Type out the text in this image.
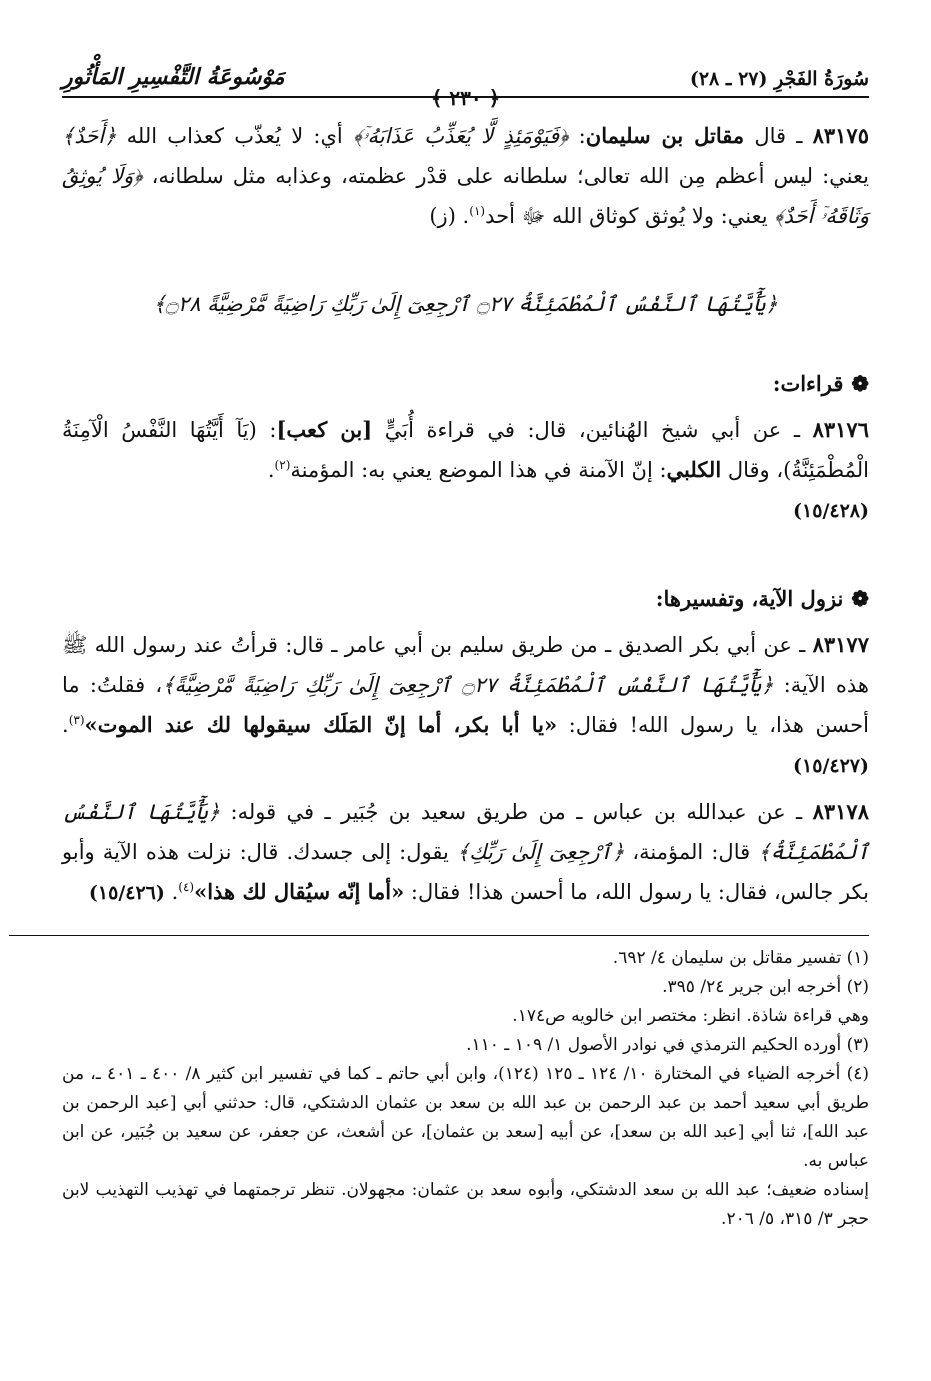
سُورَةُ الفَجْرِ (٢٧ ـ ٢٨)
مَوْسُوعَةُ التَّفْسِيرِ المَأْثُورِ
﴿ ٢٣٠ ﴾

٨٣١٧٥ ـ قال مقاتل بن سليمان: ﴿فَيَوْمَئِذٍ لَّا يُعَذِّبُ عَذَابَهُۥٓ﴾ أي: لا يُعذّب كعذاب الله ﴿أَحَدٌ﴾ يعني: ليس أعظم مِن الله تعالى؛ سلطانه على قدْر عظمته، وعذابه مثل سلطانه، ﴿وَلَا يُوثِقُ وَثَاقَهُۥٓ أَحَدٌ﴾ يعني: ولا يُوثق كوثاق الله ﷻ أحد$^{(١)}$. (ز)

﴿يَٰٓأَيَّتُهَا ٱلنَّفْسُ ٱلْمُطْمَئِنَّةُ ۝٢٧ ٱرْجِعِىٓ إِلَىٰ رَبِّكِ رَاضِيَةً مَّرْضِيَّةً ۝٢٨﴾
❁قراءات:

٨٣١٧٦ ـ عن أبي شيخ الهُنائين، قال: في قراءة أُبَيٍّ [بن كعب]: (يَآ أَيَّتُهَا النَّفْسُ الْآمِنَةُ الْمُطْمَئِنَّةُ)، وقال الكلبي: إنّ الآمنة في هذا الموضع يعني به: المؤمنة$^{(٢)}$.
(١٥/٤٢٨)

❁نزول الآية، وتفسيرها:

٨٣١٧٧ ـ عن أبي بكر الصديق ـ من طريق سليم بن أبي عامر ـ قال: قرأتُ عند رسول الله ﷺ هذه الآية: ﴿يَٰٓأَيَّتُهَا ٱلنَّفْسُ ٱلْمُطْمَئِنَّةُ ۝٢٧ ٱرْجِعِىٓ إِلَىٰ رَبِّكِ رَاضِيَةً مَّرْضِيَّةً﴾، فقلتُ: ما أحسن هذا، يا رسول الله! فقال: «يا أبا بكر، أما إنّ المَلَك سيقولها لك عند الموت»$^{(٣)}$. (١٥/٤٢٧)

٨٣١٧٨ ـ عن عبدالله بن عباس ـ من طريق سعيد بن جُبَير ـ في قوله: ﴿يَٰٓأَيَّتُهَا ٱلنَّفْسُ ٱلْمُطْمَئِنَّةُ﴾ قال: المؤمنة، ﴿ٱرْجِعِىٓ إِلَىٰ رَبِّكِ﴾ يقول: إلى جسدك. قال: نزلت هذه الآية وأبو بكر جالس، فقال: يا رسول الله، ما أحسن هذا! فقال: «أما إنّه سيُقال لك هذا»$^{(٤)}$. (١٥/٤٢٦)

(١) تفسير مقاتل بن سليمان ٤/ ٦٩٢.

(٢) أخرجه ابن جرير ٢٤/ ٣٩٥.

وهي قراءة شاذة. انظر: مختصر ابن خالويه ص١٧٤.

(٣) أورده الحكيم الترمذي في نوادر الأصول ١/ ١٠٩ ـ ١١٠.

(٤) أخرجه الضياء في المختارة ١٠/ ١٢٤ ـ ١٢٥ (١٢٤)، وابن أبي حاتم ـ كما في تفسير ابن كثير ٨/ ٤٠٠ ـ ٤٠١ ـ، من طريق أبي سعيد أحمد بن عبد الرحمن بن عبد الله بن سعد بن عثمان الدشتكي، قال: حدثني أبي [عبد الرحمن بن عبد الله]، ثنا أبي [عبد الله بن سعد]، عن أبيه [سعد بن عثمان]، عن أشعث، عن جعفر، عن سعيد بن جُبَير، عن ابن عباس به.

إسناده ضعيف؛ عبد الله بن سعد الدشتكي، وأبوه سعد بن عثمان: مجهولان. تنظر ترجمتهما في تهذيب التهذيب لابن حجر ٣/ ٣١٥، ٥/ ٢٠٦.
